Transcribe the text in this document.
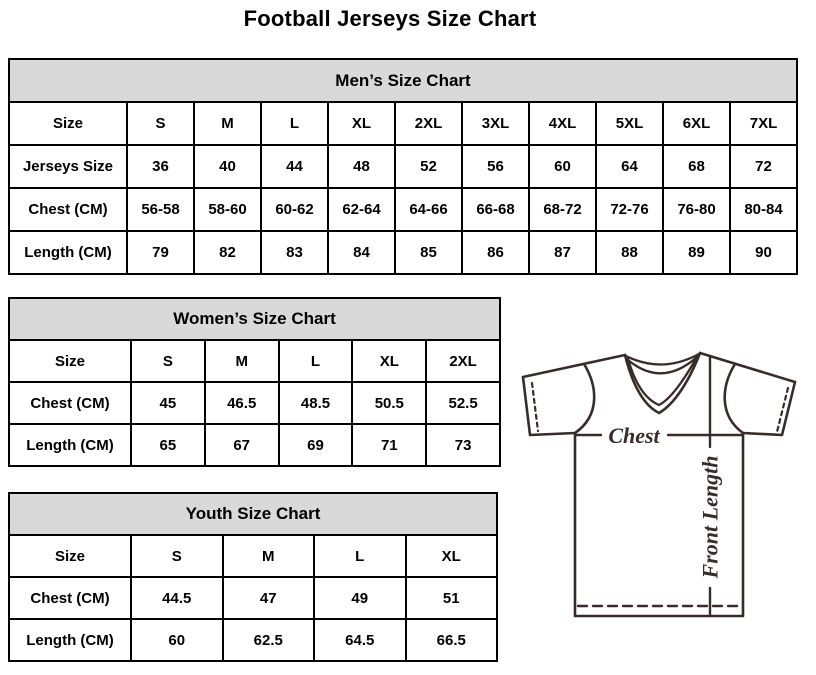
Football Jerseys Size Chart
Men’s Size Chart										
Size	S	M	L	XL	2XL	3XL	4XL	5XL	6XL	7XL
Jerseys Size	36	40	44	48	52	56	60	64	68	72
Chest (CM)	56-58	58-60	60-62	62-64	64-66	66-68	68-72	72-76	76-80	80-84
Length (CM)	79	82	83	84	85	86	87	88	89	90
Women’s Size Chart					
Size	S	M	L	XL	2XL
Chest (CM)	45	46.5	48.5	50.5	52.5
Length (CM)	65	67	69	71	73
Youth Size Chart				
Size	S	M	L	XL
Chest (CM)	44.5	47	49	51
Length (CM)	60	62.5	64.5	66.5
Chest
Front Length
